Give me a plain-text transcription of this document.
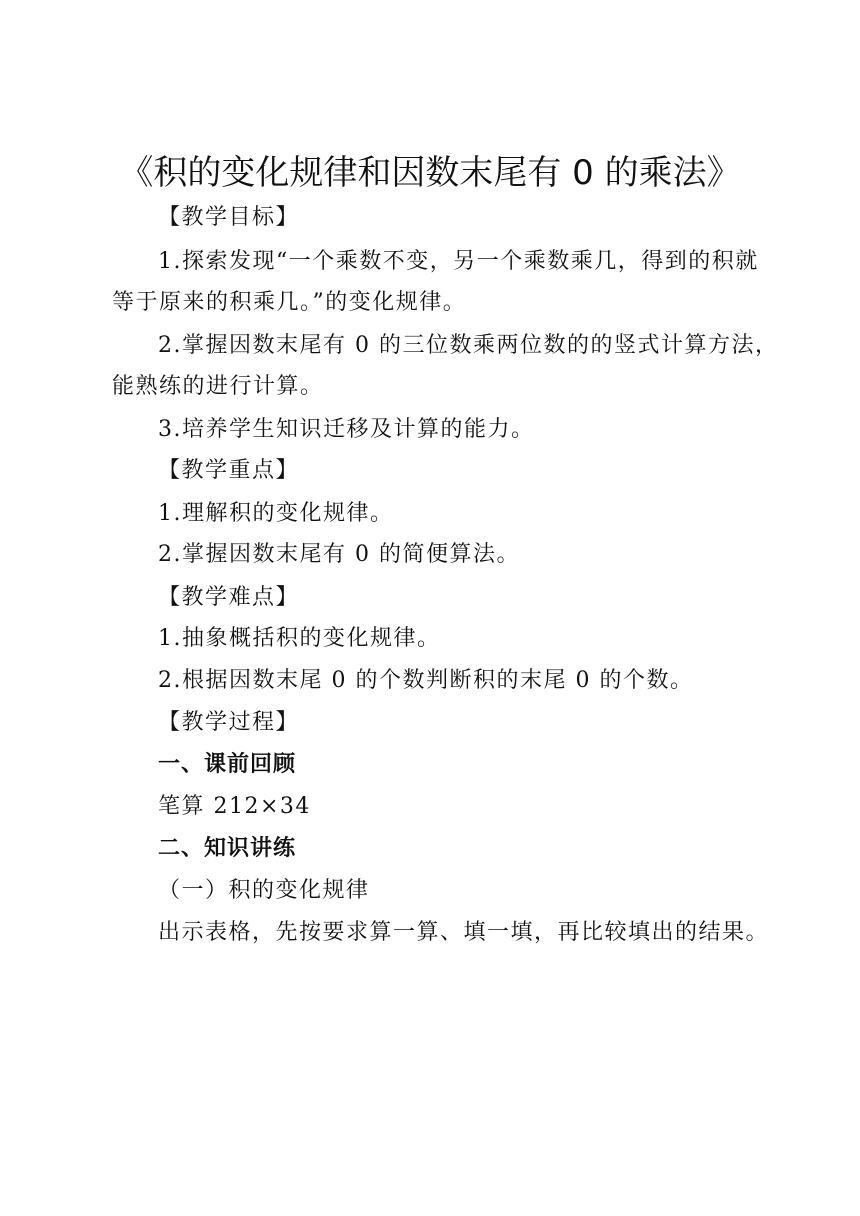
《积的变化规律和因数末尾有 0 的乘法》
【教学目标】
1.探索发现“一个乘数不变，另一个乘数乘几，得到的积就
等于原来的积乘几。”的变化规律。
2.掌握因数末尾有 0 的三位数乘两位数的的竖式计算方法，
能熟练的进行计算。
3.培养学生知识迁移及计算的能力。
【教学重点】
1.理解积的变化规律。
2.掌握因数末尾有 0 的简便算法。
【教学难点】
1.抽象概括积的变化规律。
2.根据因数末尾 0 的个数判断积的末尾 0 的个数。
【教学过程】
一、课前回顾
笔算 212×34
二、知识讲练
（一）积的变化规律
出示表格，先按要求算一算、填一填，再比较填出的结果。
